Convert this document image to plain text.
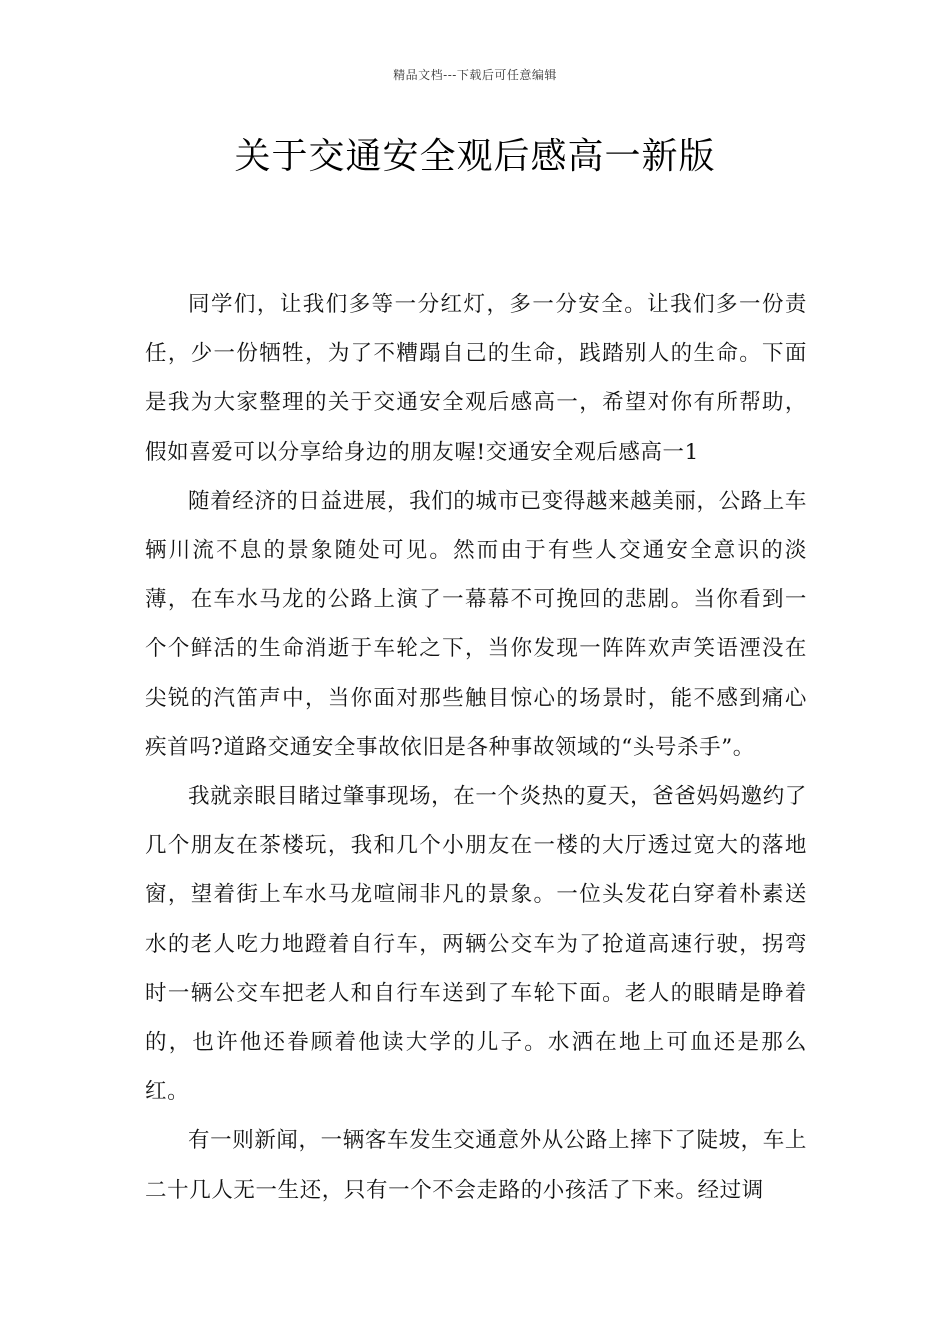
精品文档---下载后可任意编辑
关于交通安全观后感高一新版

同学们，让我们多等一分红灯，多一分安全。让我们多一份责任，少一份牺牲，为了不糟蹋自己的生命，践踏别人的生命。下面是我为大家整理的关于交通安全观后感高一，希望对你有所帮助，假如喜爱可以分享给身边的朋友喔!交通安全观后感高一1

随着经济的日益进展，我们的城市已变得越来越美丽，公路上车辆川流不息的景象随处可见。然而由于有些人交通安全意识的淡薄，在车水马龙的公路上演了一幕幕不可挽回的悲剧。当你看到一个个鲜活的生命消逝于车轮之下，当你发现一阵阵欢声笑语湮没在尖锐的汽笛声中，当你面对那些触目惊心的场景时，能不感到痛心疾首吗?道路交通安全事故依旧是各种事故领域的“头号杀手”。

我就亲眼目睹过肇事现场，在一个炎热的夏天，爸爸妈妈邀约了几个朋友在茶楼玩，我和几个小朋友在一楼的大厅透过宽大的落地窗，望着街上车水马龙喧闹非凡的景象。一位头发花白穿着朴素送水的老人吃力地蹬着自行车，两辆公交车为了抢道高速行驶，拐弯时一辆公交车把老人和自行车送到了车轮下面。老人的眼睛是睁着的，也许他还眷顾着他读大学的儿子。水洒在地上可血还是那么红。

有一则新闻，一辆客车发生交通意外从公路上摔下了陡坡，车上二十几人无一生还，只有一个不会走路的小孩活了下来。经过调
